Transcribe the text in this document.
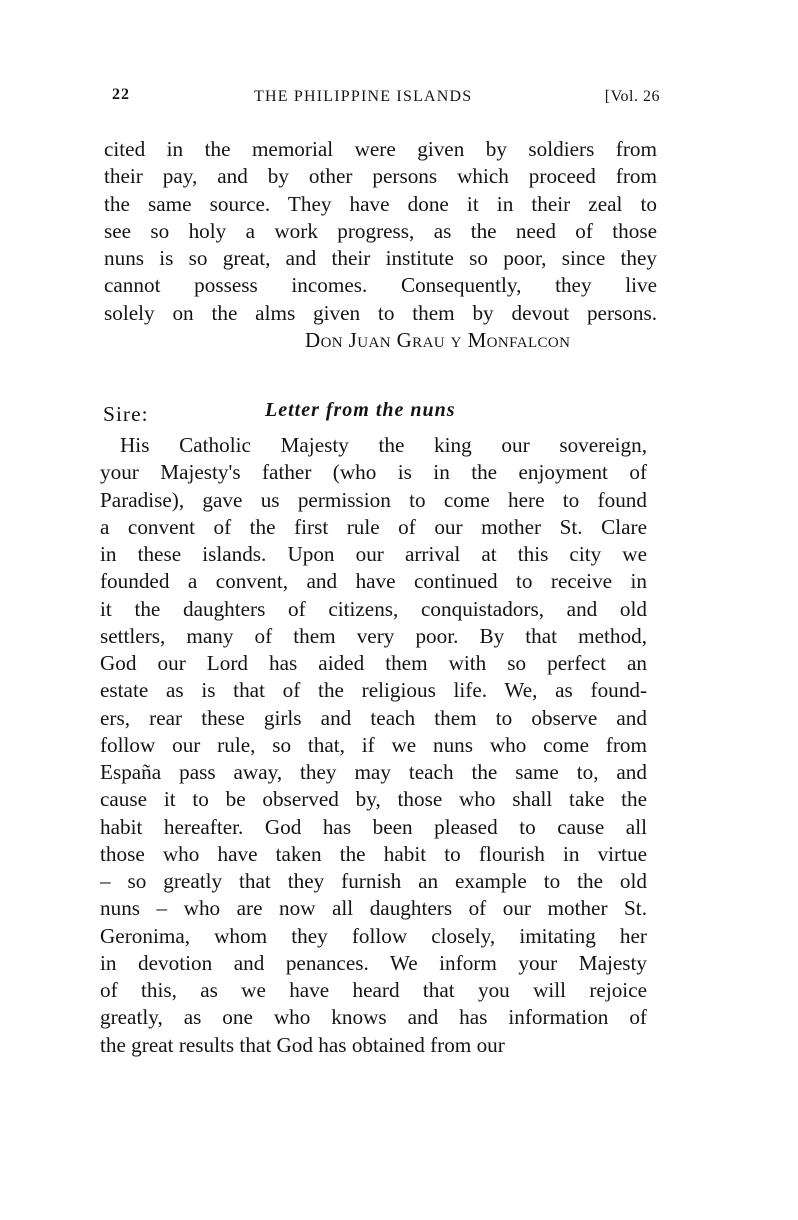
22	THE PHILIPPINE ISLANDS	[Vol. 26
cited in the memorial were given by soldiers from
their pay, and by other persons which proceed from
the same source. They have done it in their zeal to
see so holy a work progress, as the need of those
nuns is so great, and their institute so poor, since they
cannot possess incomes. Consequently, they live
solely on the alms given to them by devout persons.
Don Juan Grau y Monfalcon
Letter from the nuns
Sire:
His Catholic Majesty the king our sovereign,
your Majesty's father (who is in the enjoyment of
Paradise), gave us permission to come here to found
a convent of the first rule of our mother St. Clare
in these islands. Upon our arrival at this city we
founded a convent, and have continued to receive in
it the daughters of citizens, conquistadors, and old
settlers, many of them very poor. By that method,
God our Lord has aided them with so perfect an
estate as is that of the religious life. We, as found-
ers, rear these girls and teach them to observe and
follow our rule, so that, if we nuns who come from
España pass away, they may teach the same to, and
cause it to be observed by, those who shall take the
habit hereafter. God has been pleased to cause all
those who have taken the habit to flourish in virtue
– so greatly that they furnish an example to the old
nuns – who are now all daughters of our mother St.
Geronima, whom they follow closely, imitating her
in devotion and penances. We inform your Majesty
of this, as we have heard that you will rejoice
greatly, as one who knows and has information of
the great results that God has obtained from our
